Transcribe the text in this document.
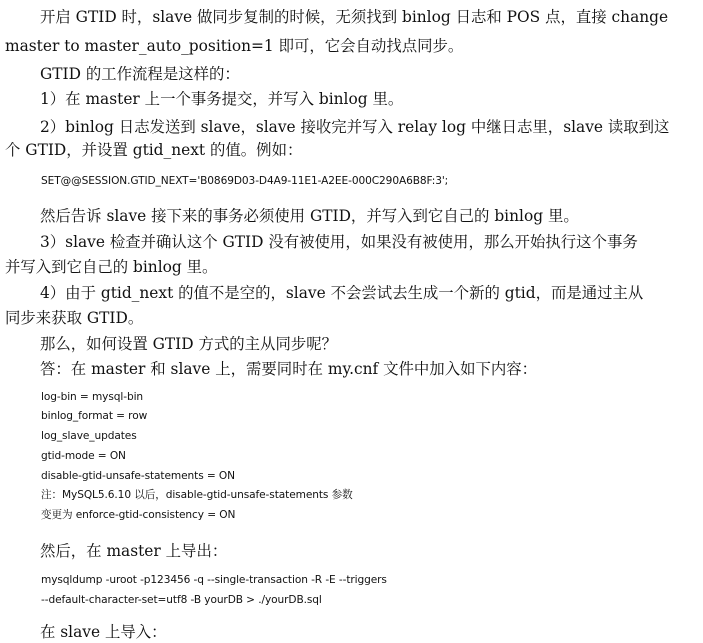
开启 GTID 时，slave 做同步复制的时候，无须找到 binlog 日志和 POS 点，直接 change
master to master_auto_position=1 即可，它会自动找点同步。
GTID 的工作流程是这样的：
1）在 master 上一个事务提交，并写入 binlog 里。
2）binlog 日志发送到 slave，slave 接收完并写入 relay log 中继日志里，slave 读取到这
个 GTID，并设置 gtid_next 的值。例如：
SET@@SESSION.GTID_NEXT='B0869D03-D4A9-11E1-A2EE-000C290A6B8F:3';
然后告诉 slave 接下来的事务必须使用 GTID，并写入到它自己的 binlog 里。
3）slave 检查并确认这个 GTID 没有被使用，如果没有被使用，那么开始执行这个事务
并写入到它自己的 binlog 里。
4）由于 gtid_next 的值不是空的，slave 不会尝试去生成一个新的 gtid，而是通过主从
同步来获取 GTID。
那么，如何设置 GTID 方式的主从同步呢？
答：在 master 和 slave 上，需要同时在 my.cnf 文件中加入如下内容：
log-bin = mysql-bin
binlog_format = row
log_slave_updates
gtid-mode = ON
disable-gtid-unsafe-statements = ON
注：MySQL5.6.10 以后，disable-gtid-unsafe-statements 参数
变更为 enforce-gtid-consistency = ON
然后，在 master 上导出：
mysqldump -uroot -p123456 -q --single-transaction -R -E --triggers
--default-character-set=utf8 -B yourDB > ./yourDB.sql
在 slave 上导入：
